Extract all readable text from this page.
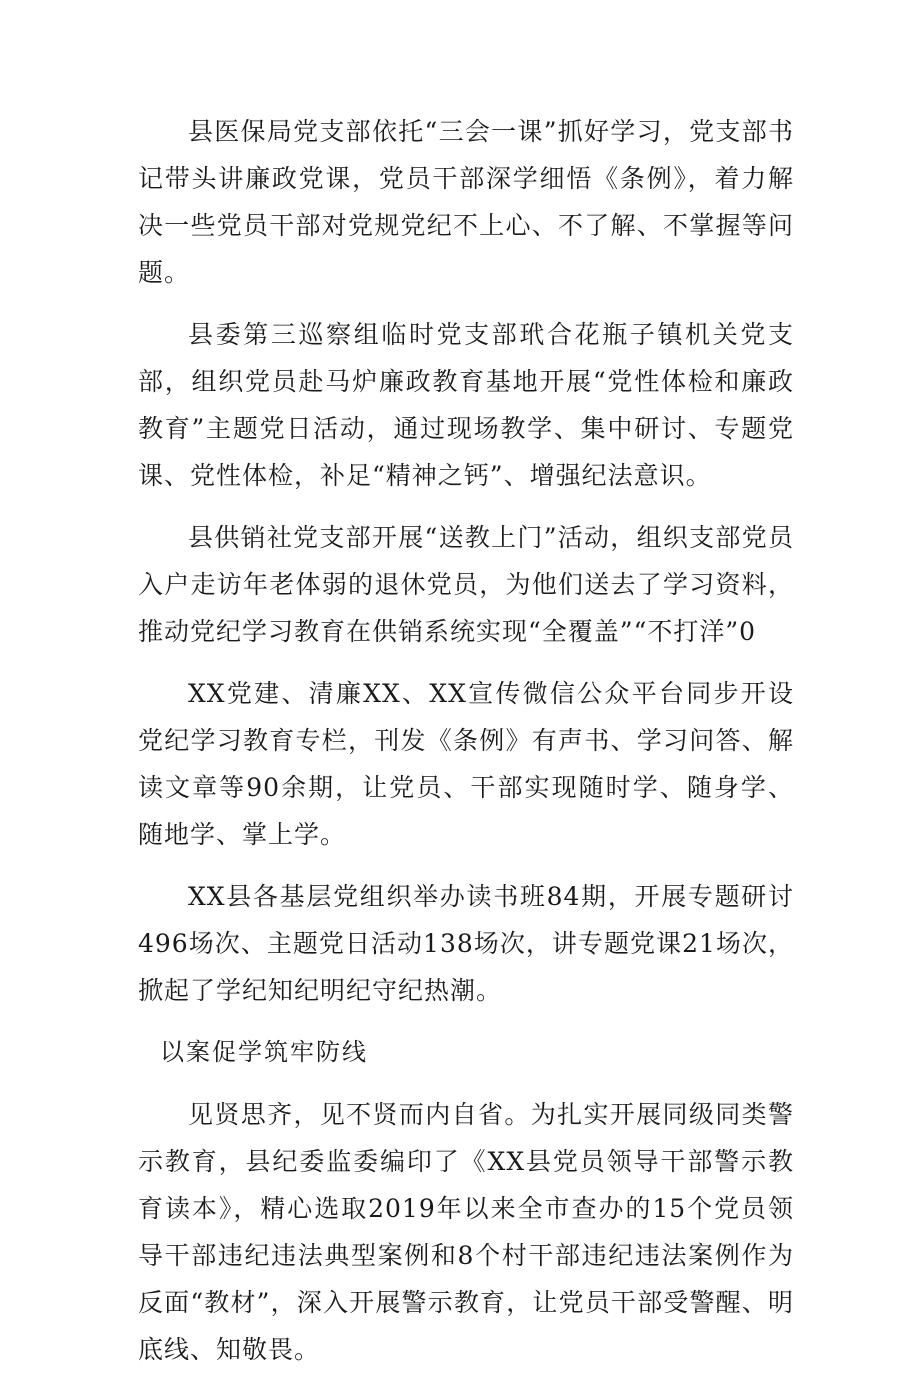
县医保局党支部依托“三会一课”抓好学习，党支部书记带头讲廉政党课，党员干部深学细悟《条例》，着力解决一些党员干部对党规党纪不上心、不了解、不掌握等问题。

县委第三巡察组临时党支部玳合花瓶子镇机关党支部，组织党员赴马炉廉政教育基地开展“党性体检和廉政教育”主题党日活动，通过现场教学、集中研讨、专题党课、党性体检，补足“精神之钙”、增强纪法意识。

县供销社党支部开展“送教上门”活动，组织支部党员入户走访年老体弱的退休党员，为他们送去了学习资料，推动党纪学习教育在供销系统实现“全覆盖”“不打洋”0

XX党建、清廉XX、XX宣传微信公众平台同步开设党纪学习教育专栏，刊发《条例》有声书、学习问答、解读文章等90余期，让党员、干部实现随时学、随身学、随地学、掌上学。

XX县各基层党组织举办读书班84期，开展专题研讨496场次、主题党日活动138场次，讲专题党课21场次，掀起了学纪知纪明纪守纪热潮。

以案促学筑牢防线

见贤思齐，见不贤而内自省。为扎实开展同级同类警示教育，县纪委监委编印了《XX县党员领导干部警示教育读本》，精心选取2019年以来全市查办的15个党员领导干部违纪违法典型案例和8个村干部违纪违法案例作为反面“教材”，深入开展警示教育，让党员干部受警醒、明底线、知敬畏。
